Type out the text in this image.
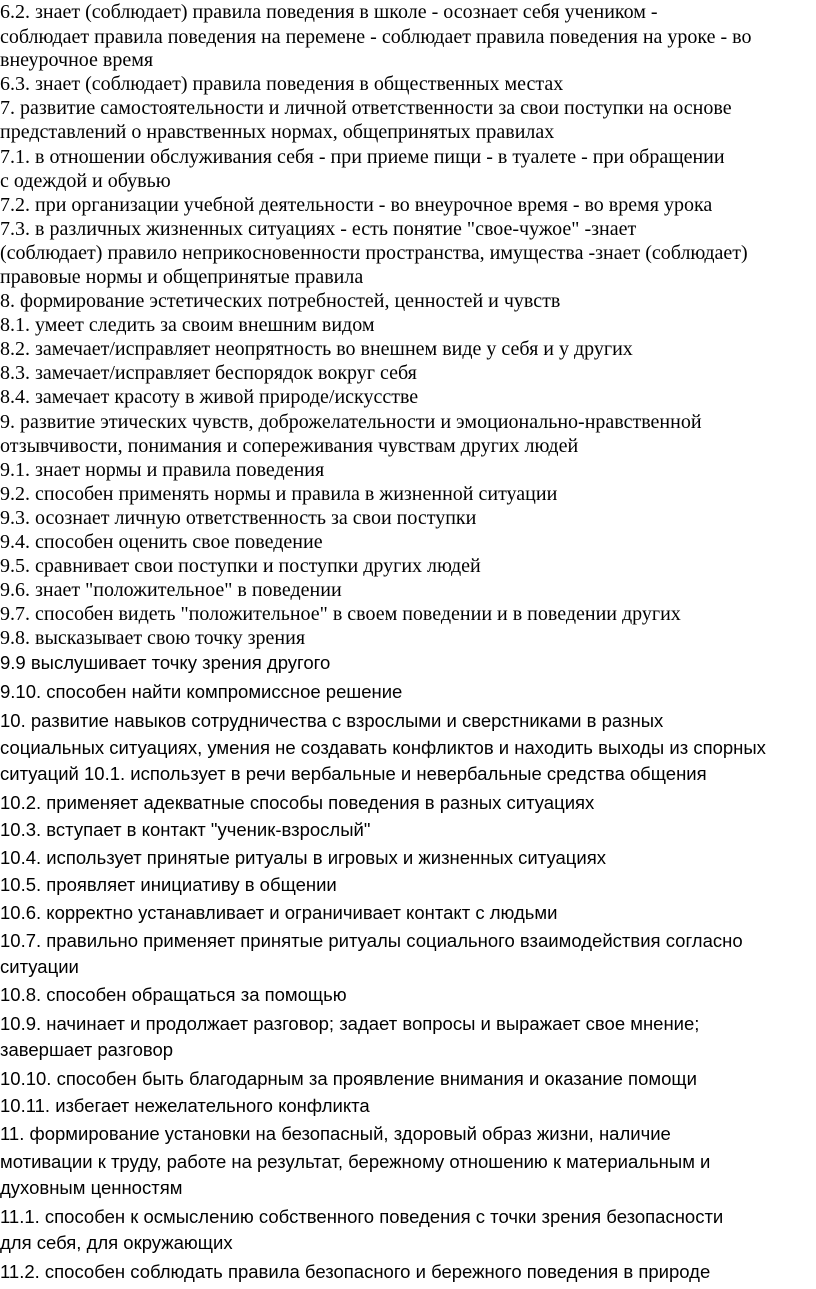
6.2. знает (соблюдает) правила поведения в школе - осознает себя учеником -
соблюдает правила поведения на перемене - соблюдает правила поведения на уроке - во
внеурочное время
6.3. знает (соблюдает) правила поведения в общественных местах
7. развитие самостоятельности и личной ответственности за свои поступки на основе
представлений о нравственных нормах, общепринятых правилах
7.1. в отношении обслуживания себя - при приеме пищи - в туалете - при обращении
с одеждой и обувью
7.2. при организации учебной деятельности - во внеурочное время - во время урока
7.3. в различных жизненных ситуациях - есть понятие "свое-чужое" -знает
(соблюдает) правило неприкосновенности пространства, имущества -знает (соблюдает)
правовые нормы и общепринятые правила
8. формирование эстетических потребностей, ценностей и чувств
8.1. умеет следить за своим внешним видом
8.2. замечает/исправляет неопрятность во внешнем виде у себя и у других
8.3. замечает/исправляет беспорядок вокруг себя
8.4. замечает красоту в живой природе/искусстве
9. развитие этических чувств, доброжелательности и эмоционально-нравственной
отзывчивости, понимания и сопереживания чувствам других людей
9.1. знает нормы и правила поведения
9.2. способен применять нормы и правила в жизненной ситуации
9.3. осознает личную ответственность за свои поступки
9.4. способен оценить свое поведение
9.5. сравнивает свои поступки и поступки других людей
9.6. знает "положительное" в поведении
9.7. способен видеть "положительное" в своем поведении и в поведении других
9.8. высказывает свою точку зрения
9.9 выслушивает точку зрения другого
9.10. способен найти компромиссное решение
10. развитие навыков сотрудничества с взрослыми и сверстниками в разных
социальных ситуациях, умения не создавать конфликтов и находить выходы из спорных
ситуаций 10.1. использует в речи вербальные и невербальные средства общения
10.2. применяет адекватные способы поведения в разных ситуациях
10.3. вступает в контакт "ученик-взрослый"
10.4. использует принятые ритуалы в игровых и жизненных ситуациях
10.5. проявляет инициативу в общении
10.6. корректно устанавливает и ограничивает контакт с людьми
10.7. правильно применяет принятые ритуалы социального взаимодействия согласно
ситуации
10.8. способен обращаться за помощью
10.9. начинает и продолжает разговор; задает вопросы и выражает свое мнение;
завершает разговор
10.10. способен быть благодарным за проявление внимания и оказание помощи
10.11. избегает нежелательного конфликта
11. формирование установки на безопасный, здоровый образ жизни, наличие
мотивации к труду, работе на результат, бережному отношению к материальным и
духовным ценностям
11.1. способен к осмыслению собственного поведения с точки зрения безопасности
для себя, для окружающих
11.2. способен соблюдать правила безопасного и бережного поведения в природе
